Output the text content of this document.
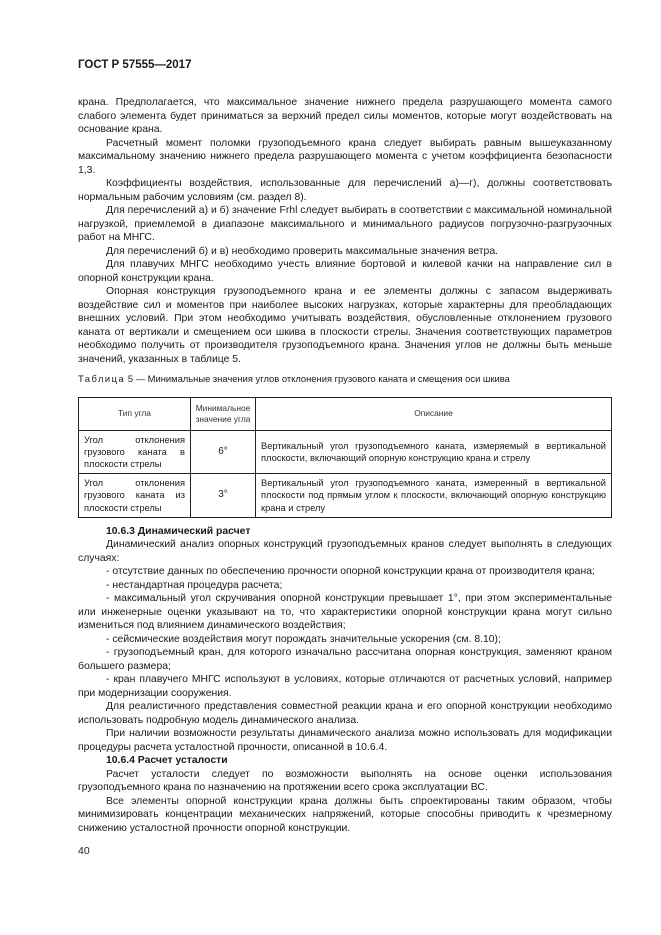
ГОСТ Р 57555—2017

крана. Предполагается, что максимальное значение нижнего предела разрушающего момента самого слабого элемента будет приниматься за верхний предел силы моментов, которые могут воздействовать на основание крана.

Расчетный момент поломки грузоподъемного крана следует выбирать равным вышеуказанному максимальному значению нижнего предела разрушающего момента с учетом коэффициента безопасности 1,3.

Коэффициенты воздействия, использованные для перечислений а)—г), должны соответствовать нормальным рабочим условиям (см. раздел 8).

Для перечислений а) и б) значение Frhl следует выбирать в соответствии с максимальной номинальной нагрузкой, приемлемой в диапазоне максимального и минимального радиусов погрузочно-разгрузочных работ на МНГС.

Для перечислений б) и в) необходимо проверить максимальные значения ветра.

Для плавучих МНГС необходимо учесть влияние бортовой и килевой качки на направление сил в опорной конструкции крана.

Опорная конструкция грузоподъемного крана и ее элементы должны с запасом выдерживать воздействие сил и моментов при наиболее высоких нагрузках, которые характерны для преобладающих внешних условий. При этом необходимо учитывать воздействия, обусловленные отклонением грузового каната от вертикали и смещением оси шкива в плоскости стрелы. Значения соответствующих параметров необходимо получить от производителя грузоподъемного крана. Значения углов не должны быть меньше значений, указанных в таблице 5.

Таблица 5 — Минимальные значения углов отклонения грузового каната и смещения оси шкива

Тип угла	Минимальное значение угла	Описание
Угол отклонения грузового каната в плоскости стрелы	6°	Вертикальный угол грузоподъемного каната, измеряемый в вертикальной плоскости, включающий опорную конструкцию крана и стрелу
Угол отклонения грузового каната из плоскости стрелы	3°	Вертикальный угол грузоподъемного каната, измеренный в вертикальной плоскости под прямым углом к плоскости, включающий опорную конструкцию крана и стрелу

10.6.3 Динамический расчет

Динамический анализ опорных конструкций грузоподъемных кранов следует выполнять в следующих случаях:

- отсутствие данных по обеспечению прочности опорной конструкции крана от производителя крана;

- нестандартная процедура расчета;

- максимальный угол скручивания опорной конструкции превышает 1°, при этом экспериментальные или инженерные оценки указывают на то, что характеристики опорной конструкции крана могут сильно измениться под влиянием динамического воздействия;

- сейсмические воздействия могут порождать значительные ускорения (см. 8.10);

- грузоподъемный кран, для которого изначально рассчитана опорная конструкция, заменяют краном большего размера;

- кран плавучего МНГС используют в условиях, которые отличаются от расчетных условий, например при модернизации сооружения.

Для реалистичного представления совместной реакции крана и его опорной конструкции необходимо использовать подробную модель динамического анализа.

При наличии возможности результаты динамического анализа можно использовать для модификации процедуры расчета усталостной прочности, описанной в 10.6.4.

10.6.4 Расчет усталости

Расчет усталости следует по возможности выполнять на основе оценки использования грузоподъемного крана по назначению на протяжении всего срока эксплуатации ВС.

Все элементы опорной конструкции крана должны быть спроектированы таким образом, чтобы минимизировать концентрации механических напряжений, которые способны приводить к чрезмерному снижению усталостной прочности опорной конструкции.

40
